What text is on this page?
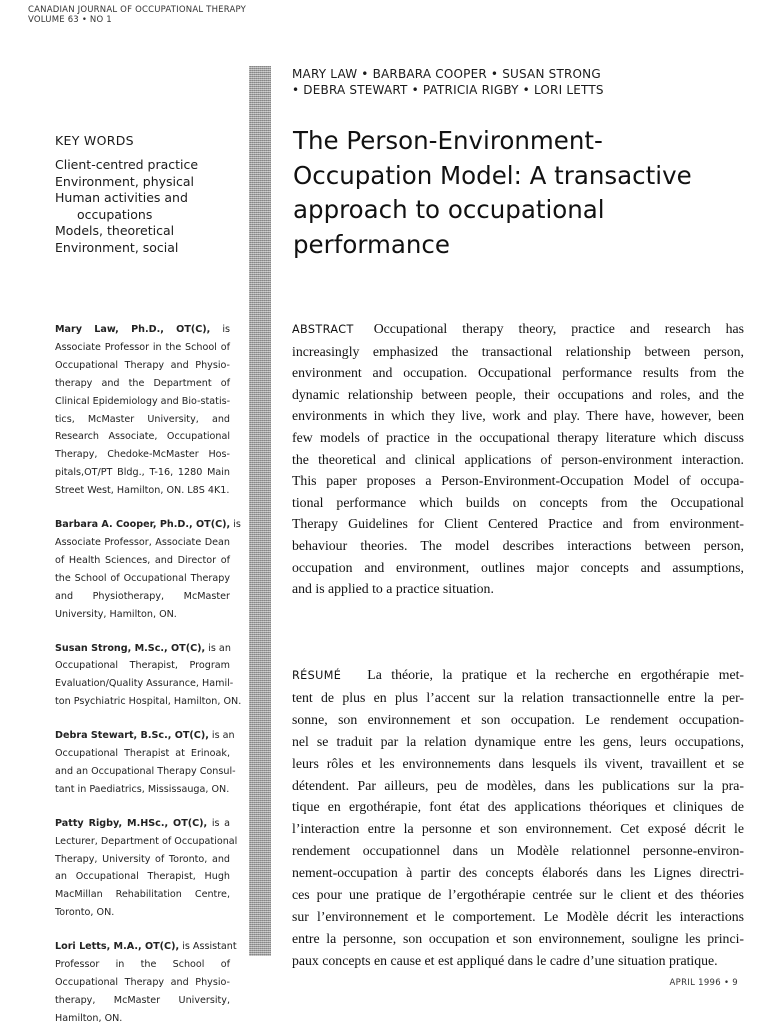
CANADIAN JOURNAL OF OCCUPATIONAL THERAPY
VOLUME 63 • NO 1
MARY LAW • BARBARA COOPER • SUSAN STRONG
• DEBRA STEWART • PATRICIA RIGBY • LORI LETTS
The Person-Environment-
Occupation Model: A transactive
approach to occupational
performance
KEY WORDS
Client-centred practice
Environment, physical
Human activities and
occupations
Models, theoretical
Environment, social
Mary Law, Ph.D., OT(C), is
Associate Professor in the School of
Occupational Therapy and Physio-
therapy and the Department of
Clinical Epidemiology and Bio-statis-
tics, McMaster University, and
Research Associate, Occupational
Therapy, Chedoke-McMaster Hos-
pitals,OT/PT Bldg., T-16, 1280 Main
Street West, Hamilton, ON. L8S 4K1.
Barbara A. Cooper, Ph.D., OT(C), is
Associate Professor, Associate Dean
of Health Sciences, and Director of
the School of Occupational Therapy
and Physiotherapy, McMaster
University, Hamilton, ON.
Susan Strong, M.Sc., OT(C), is an
Occupational Therapist, Program
Evaluation/Quality Assurance, Hamil-
ton Psychiatric Hospital, Hamilton, ON.
Debra Stewart, B.Sc., OT(C), is an
Occupational Therapist at Erinoak,
and an Occupational Therapy Consul-
tant in Paediatrics, Mississauga, ON.
Patty Rigby, M.HSc., OT(C), is a
Lecturer, Department of Occupational
Therapy, University of Toronto, and
an Occupational Therapist, Hugh
MacMillan Rehabilitation Centre,
Toronto, ON.
Lori Letts, M.A., OT(C), is Assistant
Professor in the School of
Occupational Therapy and Physio-
therapy, McMaster University,
Hamilton, ON.
ABSTRACT Occupational therapy theory, practice and research has
increasingly emphasized the transactional relationship between person,
environment and occupation. Occupational performance results from the
dynamic relationship between people, their occupations and roles, and the
environments in which they live, work and play. There have, however, been
few models of practice in the occupational therapy literature which discuss
the theoretical and clinical applications of person-environment interaction.
This paper proposes a Person-Environment-Occupation Model of occupa-
tional performance which builds on concepts from the Occupational
Therapy Guidelines for Client Centered Practice and from environment-
behaviour theories. The model describes interactions between person,
occupation and environment, outlines major concepts and assumptions,
and is applied to a practice situation.
RÉSUMÉ La théorie, la pratique et la recherche en ergothérapie met-
tent de plus en plus l’accent sur la relation transactionnelle entre la per-
sonne, son environnement et son occupation. Le rendement occupation-
nel se traduit par la relation dynamique entre les gens, leurs occupations,
leurs rôles et les environnements dans lesquels ils vivent, travaillent et se
détendent. Par ailleurs, peu de modèles, dans les publications sur la pra-
tique en ergothérapie, font état des applications théoriques et cliniques de
l’interaction entre la personne et son environnement. Cet exposé décrit le
rendement occupationnel dans un Modèle relationnel personne-environ-
nement-occupation à partir des concepts élaborés dans les Lignes directri-
ces pour une pratique de l’ergothérapie centrée sur le client et des théories
sur l’environnement et le comportement. Le Modèle décrit les interactions
entre la personne, son occupation et son environnement, souligne les princi-
paux concepts en cause et est appliqué dans le cadre d’une situation pratique.
APRIL 1996 • 9
